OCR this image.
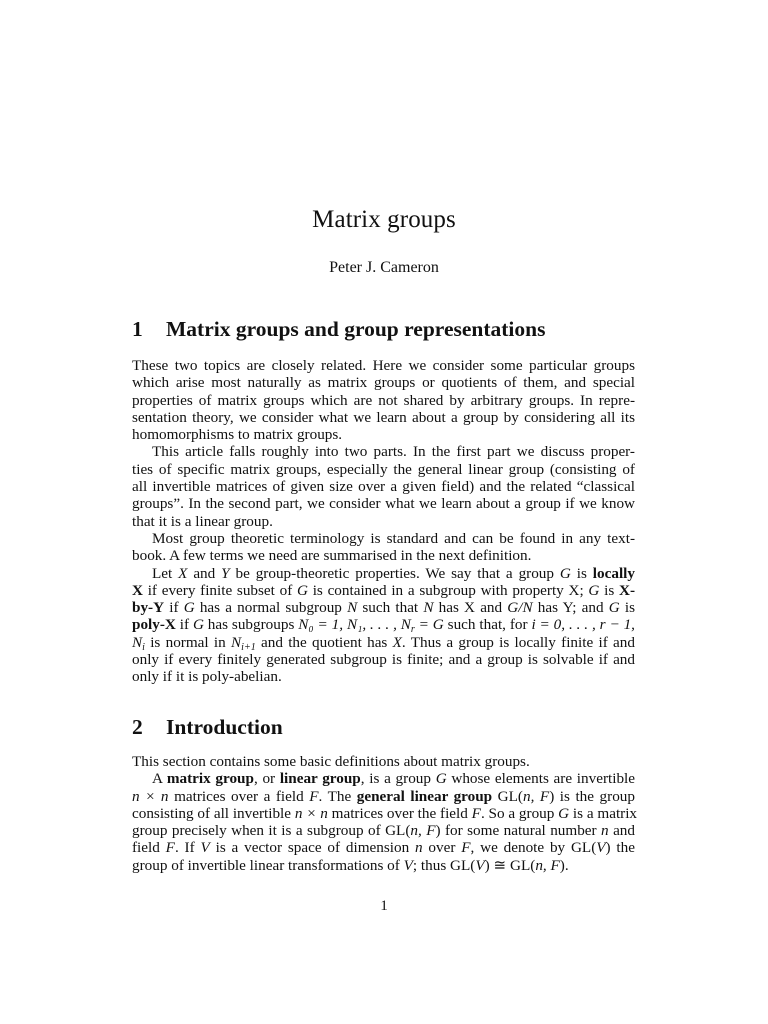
Matrix groups
Peter J. Cameron
1 Matrix groups and group representations
These two topics are closely related. Here we consider some particular groups
which arise most naturally as matrix groups or quotients of them, and special
properties of matrix groups which are not shared by arbitrary groups. In repre-
sentation theory, we consider what we learn about a group by considering all its
homomorphisms to matrix groups.
This article falls roughly into two parts. In the first part we discuss proper-
ties of specific matrix groups, especially the general linear group (consisting of
all invertible matrices of given size over a given field) and the related “classical
groups”. In the second part, we consider what we learn about a group if we know
that it is a linear group.
Most group theoretic terminology is standard and can be found in any text-
book. A few terms we need are summarised in the next definition.
Let X and Y be group-theoretic properties. We say that a group G is locally
X if every finite subset of G is contained in a subgroup with property X; G is X-
by-Y if G has a normal subgroup N such that N has X and G/N has Y; and G is
poly-X if G has subgroups N₀ = 1, N₁, . . . , $N_r = G$ such that, for i = 0, . . . , r − 1,
$N_i$ is normal in $N_{i+1}$ and the quotient has X. Thus a group is locally finite if and
only if every finitely generated subgroup is finite; and a group is solvable if and
only if it is poly-abelian.
2 Introduction
This section contains some basic definitions about matrix groups.
A matrix group, or linear group, is a group G whose elements are invertible
n × n matrices over a field F. The general linear group GL(n, F) is the group
consisting of all invertible n × n matrices over the field F. So a group G is a matrix
group precisely when it is a subgroup of GL(n, F) for some natural number n and
field F. If V is a vector space of dimension n over F, we denote by GL(V) the
group of invertible linear transformations of V; thus GL(V) ≅ GL(n, F).
1
